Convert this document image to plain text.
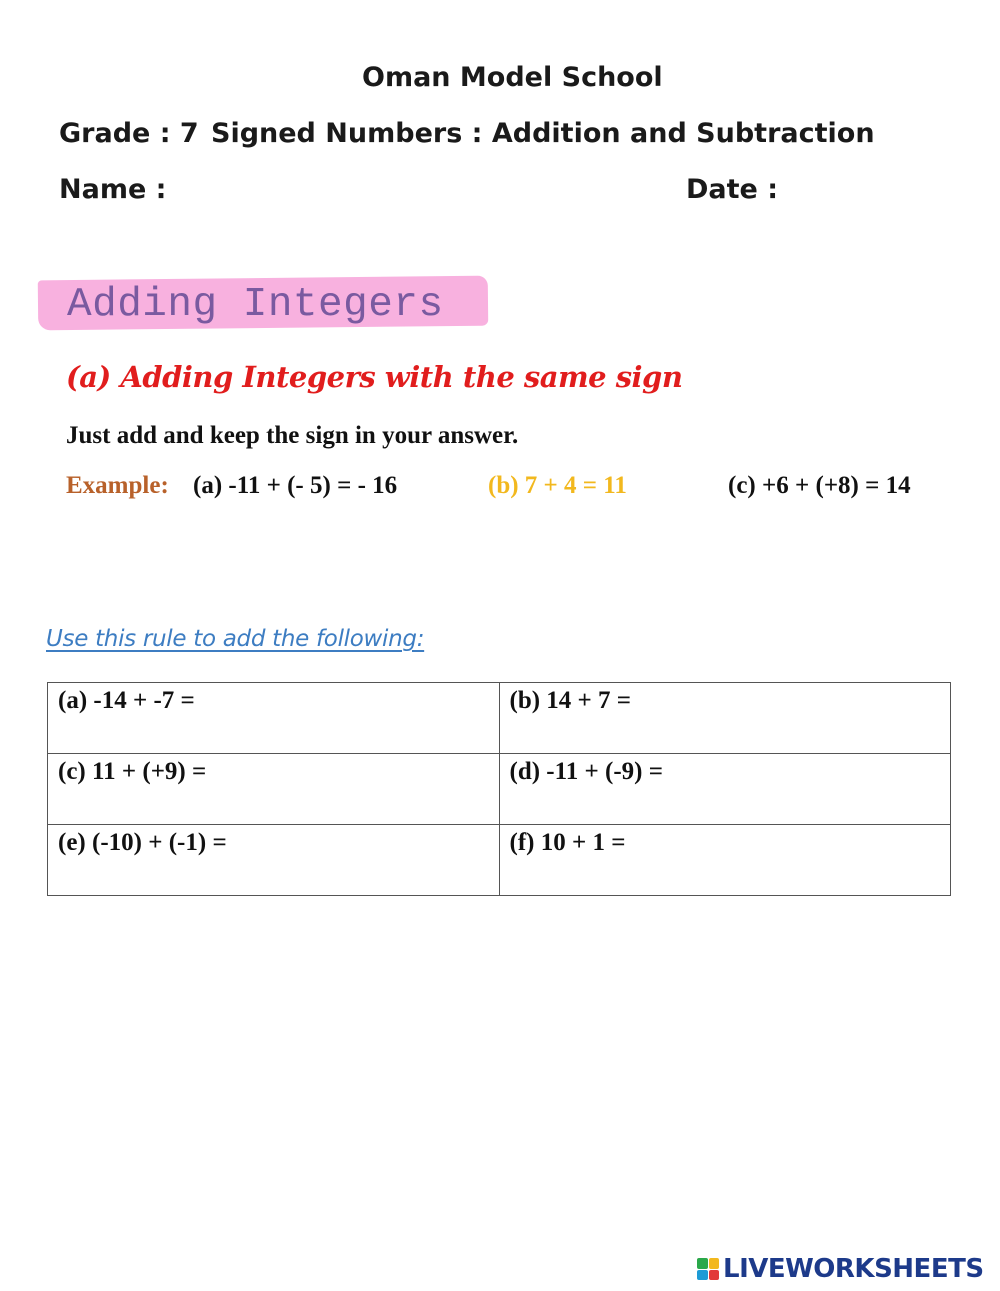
Oman Model School
Grade : 7 Signed Numbers : Addition and Subtraction
Name :	Date :
Adding Integers
(a) Adding Integers with the same sign
Just add and keep the sign in your answer.
Example: (a) -11 + (- 5) = - 16	(b) 7 + 4 = 11	(c) +6 + (+8) = 14
Use this rule to add the following:
(a) -14 + -7 =	(b) 14 + 7 =
(c) 11 + (+9) =	(d) -11 + (-9) =
(e) (-10) + (-1) =	(f) 10 + 1 =
LIVEWORKSHEETS
